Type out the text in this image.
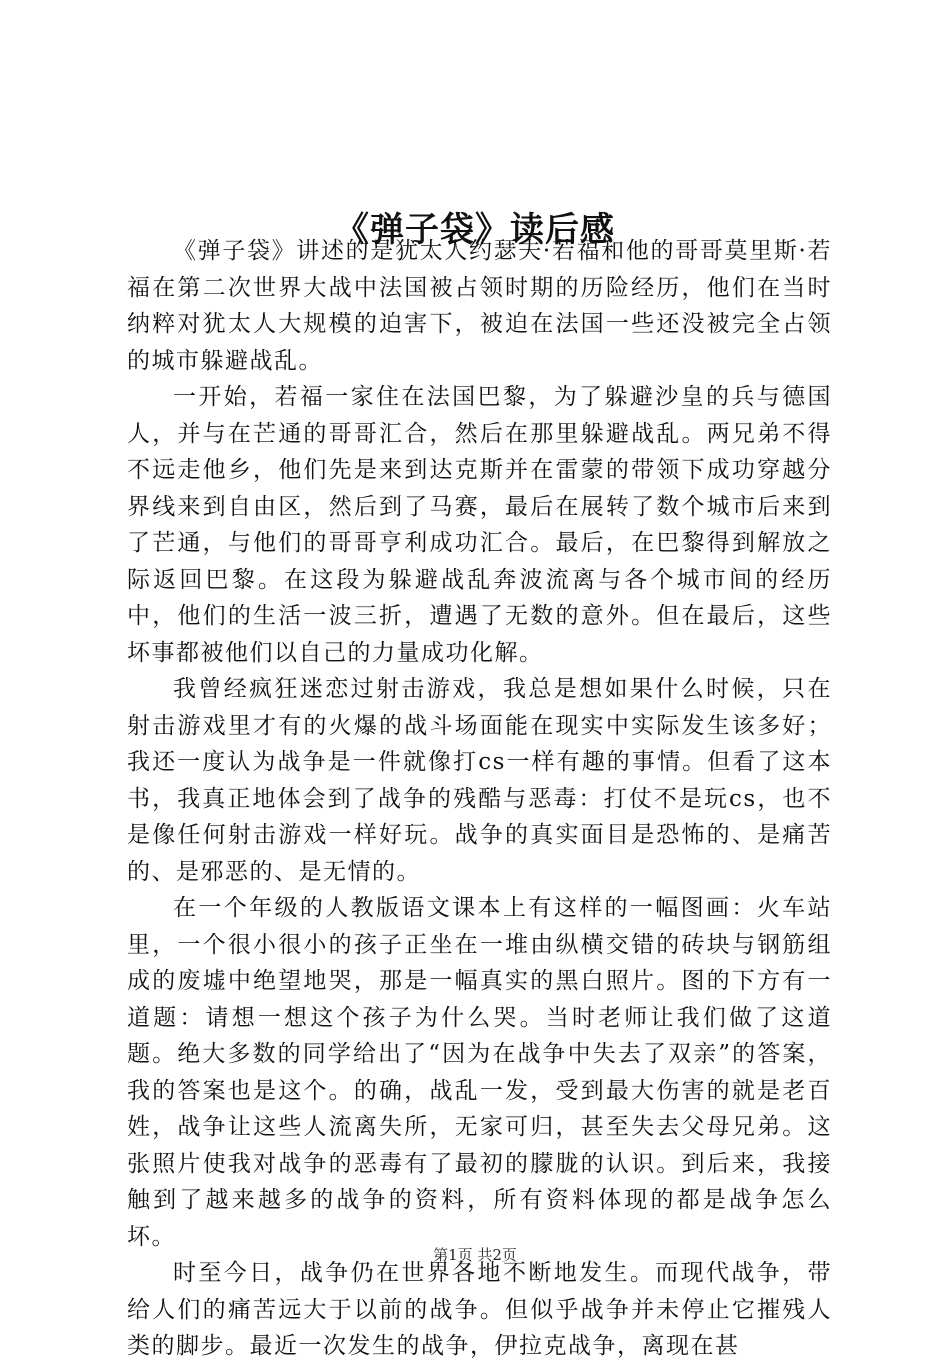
《弹子袋》读后感

《弹子袋》讲述的是犹太人约瑟夫·若福和他的哥哥莫里斯·若福在第二次世界大战中法国被占领时期的历险经历，他们在当时纳粹对犹太人大规模的迫害下，被迫在法国一些还没被完全占领的城市躲避战乱。

一开始，若福一家住在法国巴黎，为了躲避沙皇的兵与德国人，并与在芒通的哥哥汇合，然后在那里躲避战乱。两兄弟不得不远走他乡，他们先是来到达克斯并在雷蒙的带领下成功穿越分界线来到自由区，然后到了马赛，最后在展转了数个城市后来到了芒通，与他们的哥哥亨利成功汇合。最后，在巴黎得到解放之际返回巴黎。在这段为躲避战乱奔波流离与各个城市间的经历中，他们的生活一波三折，遭遇了无数的意外。但在最后，这些坏事都被他们以自己的力量成功化解。

我曾经疯狂迷恋过射击游戏，我总是想如果什么时候，只在射击游戏里才有的火爆的战斗场面能在现实中实际发生该多好；我还一度认为战争是一件就像打cs一样有趣的事情。但看了这本书，我真正地体会到了战争的残酷与恶毒：打仗不是玩cs，也不是像任何射击游戏一样好玩。战争的真实面目是恐怖的、是痛苦的、是邪恶的、是无情的。

在一个年级的人教版语文课本上有这样的一幅图画：火车站里，一个很小很小的孩子正坐在一堆由纵横交错的砖块与钢筋组成的废墟中绝望地哭，那是一幅真实的黑白照片。图的下方有一道题：请想一想这个孩子为什么哭。当时老师让我们做了这道题。绝大多数的同学给出了“因为在战争中失去了双亲”的答案，我的答案也是这个。的确，战乱一发，受到最大伤害的就是老百姓，战争让这些人流离失所，无家可归，甚至失去父母兄弟。这张照片使我对战争的恶毒有了最初的朦胧的认识。到后来，我接触到了越来越多的战争的资料，所有资料体现的都是战争怎么坏。

时至今日，战争仍在世界各地不断地发生。而现代战争，带给人们的痛苦远大于以前的战争。但似乎战争并未停止它摧残人类的脚步。最近一次发生的战争，伊拉克战争，离现在甚

第1页 共2页
